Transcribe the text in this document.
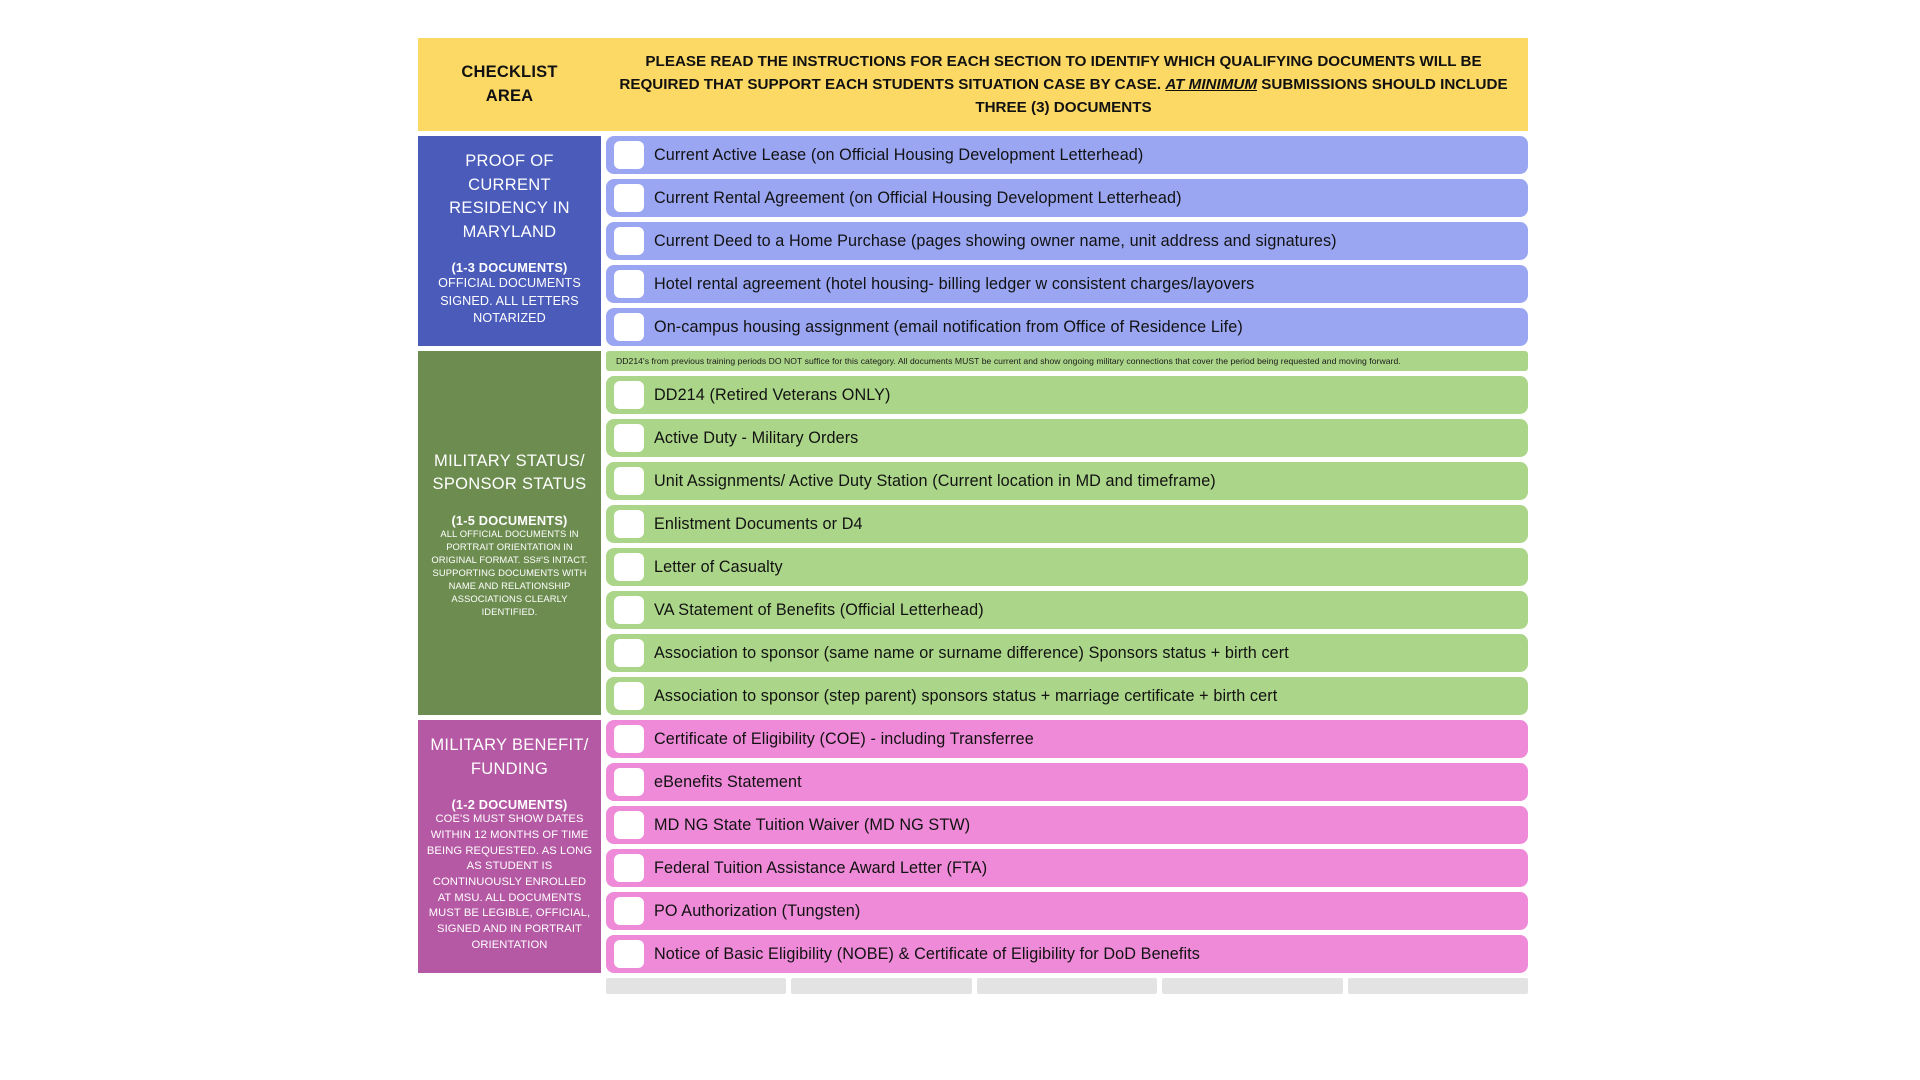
CHECKLIST
AREA
PLEASE READ THE INSTRUCTIONS FOR EACH SECTION TO IDENTIFY WHICH QUALIFYING DOCUMENTS WILL BE REQUIRED THAT SUPPORT EACH STUDENTS SITUATION CASE BY CASE. AT MINIMUM SUBMISSIONS SHOULD INCLUDE THREE (3) DOCUMENTS
PROOF OF CURRENT RESIDENCY IN MARYLAND
(1-3 DOCUMENTS)
OFFICIAL DOCUMENTS SIGNED. ALL LETTERS NOTARIZED
Current Active Lease (on Official Housing Development Letterhead)
Current Rental Agreement (on Official Housing Development Letterhead)
Current Deed to a Home Purchase (pages showing owner name, unit address and signatures)
Hotel rental agreement (hotel housing- billing ledger w consistent charges/layovers
On-campus housing assignment (email notification from Office of Residence Life)
MILITARY STATUS/ SPONSOR STATUS
(1-5 DOCUMENTS)
ALL OFFICIAL DOCUMENTS IN PORTRAIT ORIENTATION IN ORIGINAL FORMAT. SS#'S INTACT. SUPPORTING DOCUMENTS WITH NAME AND RELATIONSHIP ASSOCIATIONS CLEARLY IDENTIFIED.
DD214's from previous training periods DO NOT suffice for this category. All documents MUST be current and show ongoing military connections that cover the period being requested and moving forward.
DD214 (Retired Veterans ONLY)
Active Duty - Military Orders
Unit Assignments/ Active Duty Station (Current location in MD and timeframe)
Enlistment Documents or D4
Letter of Casualty
VA Statement of Benefits (Official Letterhead)
Association to sponsor (same name or surname difference) Sponsors status + birth cert
Association to sponsor (step parent) sponsors status + marriage certificate + birth cert
MILITARY BENEFIT/ FUNDING
(1-2 DOCUMENTS)
COE'S MUST SHOW DATES WITHIN 12 MONTHS OF TIME BEING REQUESTED. AS LONG AS STUDENT IS CONTINUOUSLY ENROLLED AT MSU. ALL DOCUMENTS MUST BE LEGIBLE, OFFICIAL, SIGNED AND IN PORTRAIT ORIENTATION
Certificate of Eligibility (COE) - including Transferree
eBenefits Statement
MD NG State Tuition Waiver (MD NG STW)
Federal Tuition Assistance Award Letter (FTA)
PO Authorization (Tungsten)
Notice of Basic Eligibility (NOBE) & Certificate of Eligibility for DoD Benefits
